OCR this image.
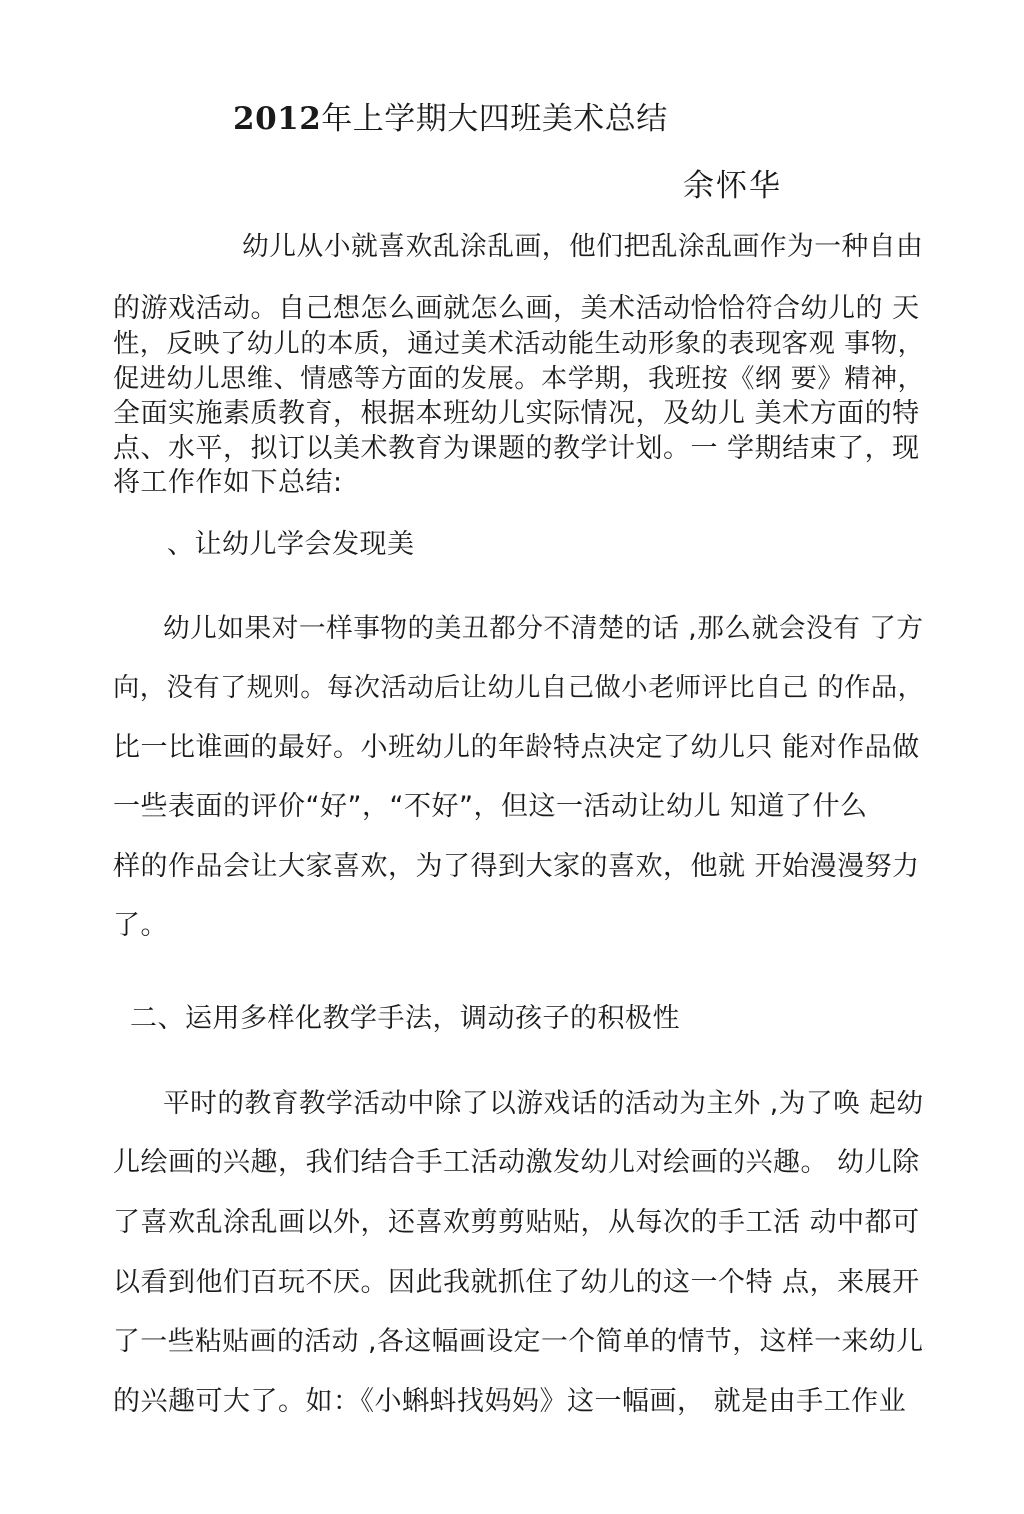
2012年上学期大四班美术总结
余怀华
幼儿从小就喜欢乱涂乱画，他们把乱涂乱画作为一种自由
的游戏活动。自己想怎么画就怎么画，美术活动恰恰符合幼儿的 天
性，反映了幼儿的本质，通过美术活动能生动形象的表现客观 事物，
促进幼儿思维、情感等方面的发展。本学期，我班按《纲 要》精神，
全面实施素质教育，根据本班幼儿实际情况，及幼儿 美术方面的特
点、水平，拟订以美术教育为课题的教学计划。一 学期结束了，现
将工作作如下总结:
、让幼儿学会发现美
幼儿如果对一样事物的美丑都分不清楚的话 ,那么就会没有 了方
向，没有了规则。每次活动后让幼儿自己做小老师评比自己 的作品，
比一比谁画的最好。小班幼儿的年龄特点决定了幼儿只 能对作品做
一些表面的评价“好”，“不好”，但这一活动让幼儿 知道了什么
样的作品会让大家喜欢，为了得到大家的喜欢，他就 开始漫漫努力
了。
二、运用多样化教学手法，调动孩子的积极性
平时的教育教学活动中除了以游戏话的活动为主外 ,为了唤 起幼
儿绘画的兴趣，我们结合手工活动激发幼儿对绘画的兴趣。 幼儿除
了喜欢乱涂乱画以外，还喜欢剪剪贴贴，从每次的手工活 动中都可
以看到他们百玩不厌。因此我就抓住了幼儿的这一个特 点，来展开
了一些粘贴画的活动 ,各这幅画设定一个简单的情节，这样一来幼儿
的兴趣可大了。如：《小蝌蚪找妈妈》这一幅画， 就是由手工作业
